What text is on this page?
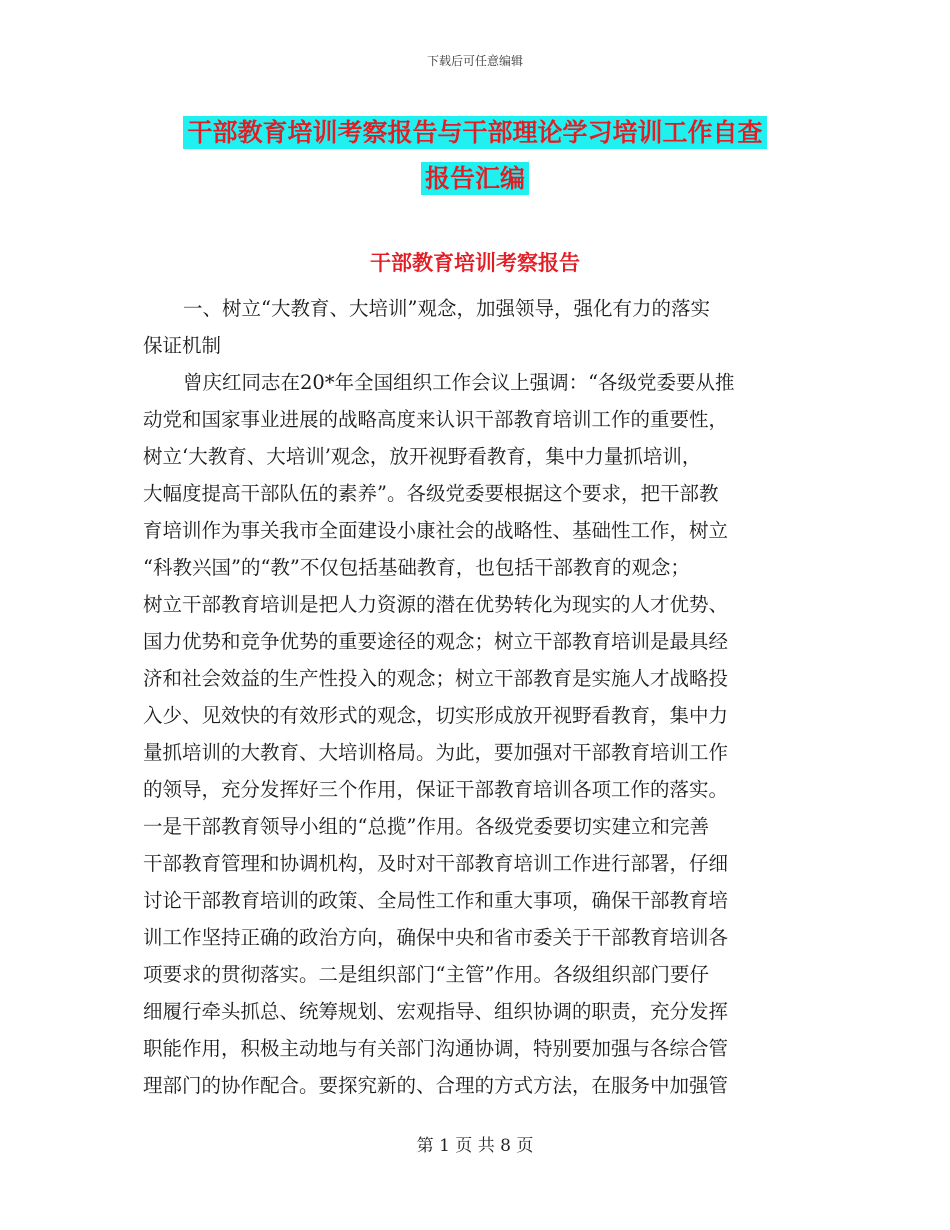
下载后可任意编辑
干部教育培训考察报告与干部理论学习培训工作自查
报告汇编
干部教育培训考察报告
一、树立“大教育、大培训”观念，加强领导，强化有力的落实
保证机制
曾庆红同志在20*年全国组织工作会议上强调：“各级党委要从推
动党和国家事业进展的战略高度来认识干部教育培训工作的重要性，
树立‘大教育、大培训’观念，放开视野看教育，集中力量抓培训，
大幅度提高干部队伍的素养”。各级党委要根据这个要求，把干部教
育培训作为事关我市全面建设小康社会的战略性、基础性工作，树立
“科教兴国”的“教”不仅包括基础教育，也包括干部教育的观念；
树立干部教育培训是把人力资源的潜在优势转化为现实的人才优势、
国力优势和竞争优势的重要途径的观念；树立干部教育培训是最具经
济和社会效益的生产性投入的观念；树立干部教育是实施人才战略投
入少、见效快的有效形式的观念，切实形成放开视野看教育，集中力
量抓培训的大教育、大培训格局。为此，要加强对干部教育培训工作
的领导，充分发挥好三个作用，保证干部教育培训各项工作的落实。
一是干部教育领导小组的“总揽”作用。各级党委要切实建立和完善
干部教育管理和协调机构，及时对干部教育培训工作进行部署，仔细
讨论干部教育培训的政策、全局性工作和重大事项，确保干部教育培
训工作坚持正确的政治方向，确保中央和省市委关于干部教育培训各
项要求的贯彻落实。二是组织部门“主管”作用。各级组织部门要仔
细履行牵头抓总、统筹规划、宏观指导、组织协调的职责，充分发挥
职能作用，积极主动地与有关部门沟通协调，特别要加强与各综合管
理部门的协作配合。要探究新的、合理的方式方法，在服务中加强管
第 1 页 共 8 页
